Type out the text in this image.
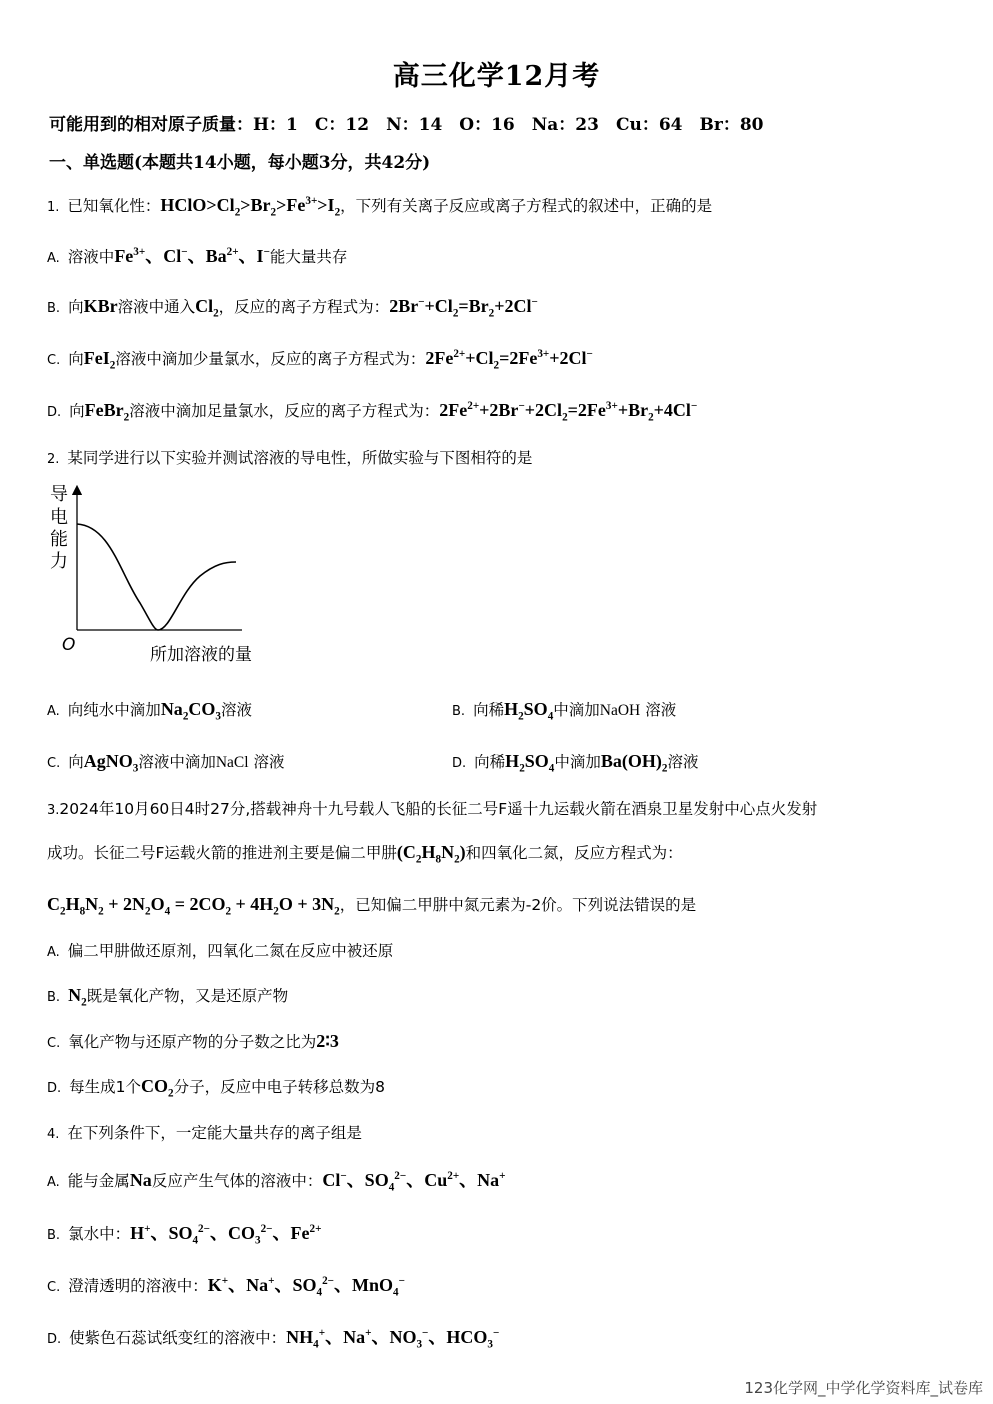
高三化学12月考
可能用到的相对原子质量：H：1　C：12　N：14　O：16　Na：23　Cu：64　Br：80
一、单选题(本题共14小题，每小题3分，共42分)
1. 已知氧化性：$HClO>Cl_2>Br_2>Fe^{3+}>I_2$，下列有关离子反应或离子方程式的叙述中，正确的是
A. 溶液中$Fe^{3+}$、Cl−、$Ba^{2+}$、I−能大量共存
B. 向KBr溶液中通入$Cl_2$，反应的离子方程式为：$2Br^-+Cl_2=Br_2+2Cl^-$
C. 向FeI$_2$溶液中滴加少量氯水，反应的离子方程式为：$2Fe^{2+}+Cl_2=2Fe^{3+}+2Cl^-$
D. 向FeBr$_2$溶液中滴加足量氯水，反应的离子方程式为：$2Fe^{2+}+2Br^-+2Cl_2=2Fe^{3+}+Br_2+4Cl^-$
2. 某同学进行以下实验并测试溶液的导电性，所做实验与下图相符的是
导
电
能
力
O	所加溶液的量
A. 向纯水中滴加$Na_2CO_3$溶液	B. 向稀$H_2SO_4$中滴加NaOH 溶液
C. 向AgNO$_3$溶液中滴加NaCl 溶液	D. 向稀$H_2SO_4$中滴加$Ba(OH)_2$溶液
3.2024年10月60日4时27分,搭载神舟十九号载人飞船的长征二号F遥十九运载火箭在酒泉卫星发射中心点火发射
成功。长征二号F运载火箭的推进剂主要是偏二甲肼$(C_2H_8N_2)$和四氧化二氮，反应方程式为：
$C_2H_8N_2 + 2N_2O_4 = 2CO_2 + 4H_2O + 3N_2$，已知偏二甲肼中氮元素为-2价。下列说法错误的是
A. 偏二甲肼做还原剂，四氧化二氮在反应中被还原
B. $N_2$既是氧化产物，又是还原产物
C. 氧化产物与还原产物的分子数之比为2∶3
D. 每生成1个$CO_2$分子，反应中电子转移总数为8
4. 在下列条件下，一定能大量共存的离子组是
A. 能与金属Na反应产生气体的溶液中：Cl−、$SO_4^{2-}$、$Cu^{2+}$、Na+
B. 氯水中：H+、$SO_4^{2-}$、$CO_3^{2-}$、$Fe^{2+}$
C. 澄清透明的溶液中：K+、Na+、$SO_4^{2-}$、MnO$_4$−
D. 使紫色石蕊试纸变红的溶液中：$NH_4^+$、Na+、$NO_3^-$、$HCO_3^-$
123化学网_中学化学资料库_试卷库
